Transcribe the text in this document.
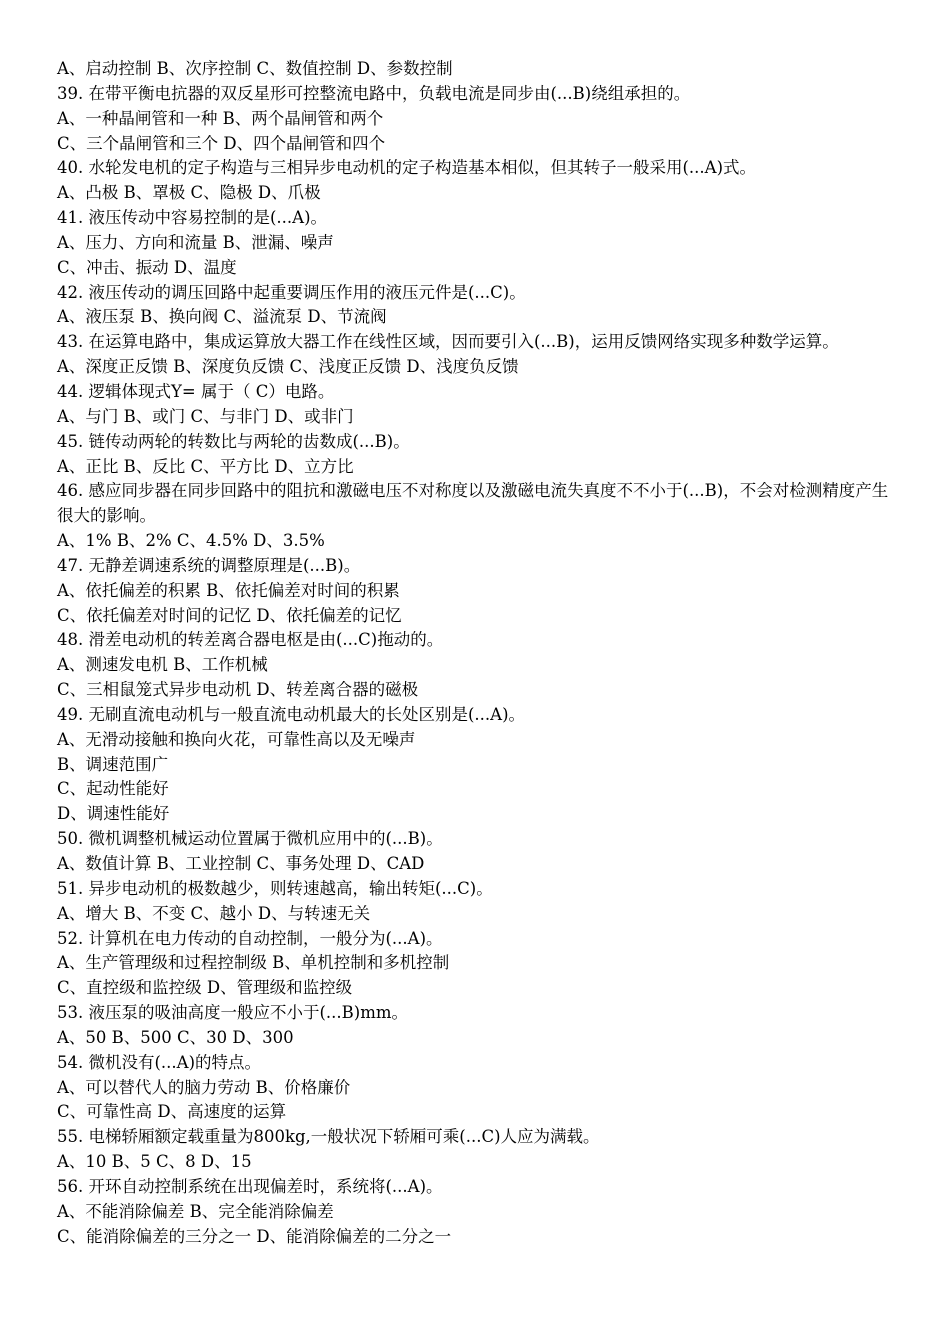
A、启动控制 B、次序控制 C、数值控制 D、参数控制
39. 在带平衡电抗器的双反星形可控整流电路中，负载电流是同步由(...B)绕组承担的。
A、一种晶闸管和一种 B、两个晶闸管和两个
C、三个晶闸管和三个 D、四个晶闸管和四个
40. 水轮发电机的定子构造与三相异步电动机的定子构造基本相似，但其转子一般采用(...A)式。
A、凸极 B、罩极 C、隐极 D、爪极
41. 液压传动中容易控制的是(...A)。
A、压力、方向和流量 B、泄漏、噪声
C、冲击、振动 D、温度
42. 液压传动的调压回路中起重要调压作用的液压元件是(...C)。
A、液压泵 B、换向阀 C、溢流泵 D、节流阀
43. 在运算电路中，集成运算放大器工作在线性区域，因而要引入(...B)，运用反馈网络实现多种数学运算。
A、深度正反馈 B、深度负反馈 C、浅度正反馈 D、浅度负反馈
44. 逻辑体现式Y= 属于（ C）电路。
A、与门 B、或门 C、与非门 D、或非门
45. 链传动两轮的转数比与两轮的齿数成(...B)。
A、正比 B、反比 C、平方比 D、立方比
46. 感应同步器在同步回路中的阻抗和激磁电压不对称度以及激磁电流失真度不不小于(...B)，不会对检测精度产生很大的影响。
A、1% B、2% C、4.5% D、3.5%
47. 无静差调速系统的调整原理是(...B)。
A、依托偏差的积累 B、依托偏差对时间的积累
C、依托偏差对时间的记忆 D、依托偏差的记忆
48. 滑差电动机的转差离合器电枢是由(...C)拖动的。
A、测速发电机 B、工作机械
C、三相鼠笼式异步电动机 D、转差离合器的磁极
49. 无刷直流电动机与一般直流电动机最大的长处区别是(...A)。
A、无滑动接触和换向火花，可靠性高以及无噪声
B、调速范围广
C、起动性能好
D、调速性能好
50. 微机调整机械运动位置属于微机应用中的(...B)。
A、数值计算 B、工业控制 C、事务处理 D、CAD
51. 异步电动机的极数越少，则转速越高，输出转矩(...C)。
A、增大 B、不变 C、越小 D、与转速无关
52. 计算机在电力传动的自动控制，一般分为(...A)。
A、生产管理级和过程控制级 B、单机控制和多机控制
C、直控级和监控级 D、管理级和监控级
53. 液压泵的吸油高度一般应不小于(...B)mm。
A、50 B、500 C、30 D、300
54. 微机没有(...A)的特点。
A、可以替代人的脑力劳动 B、价格廉价
C、可靠性高 D、高速度的运算
55. 电梯轿厢额定载重量为800kg,一般状况下轿厢可乘(...C)人应为满载。
A、10 B、5 C、8 D、15
56. 开环自动控制系统在出现偏差时，系统将(...A)。
A、不能消除偏差 B、完全能消除偏差
C、能消除偏差的三分之一 D、能消除偏差的二分之一
